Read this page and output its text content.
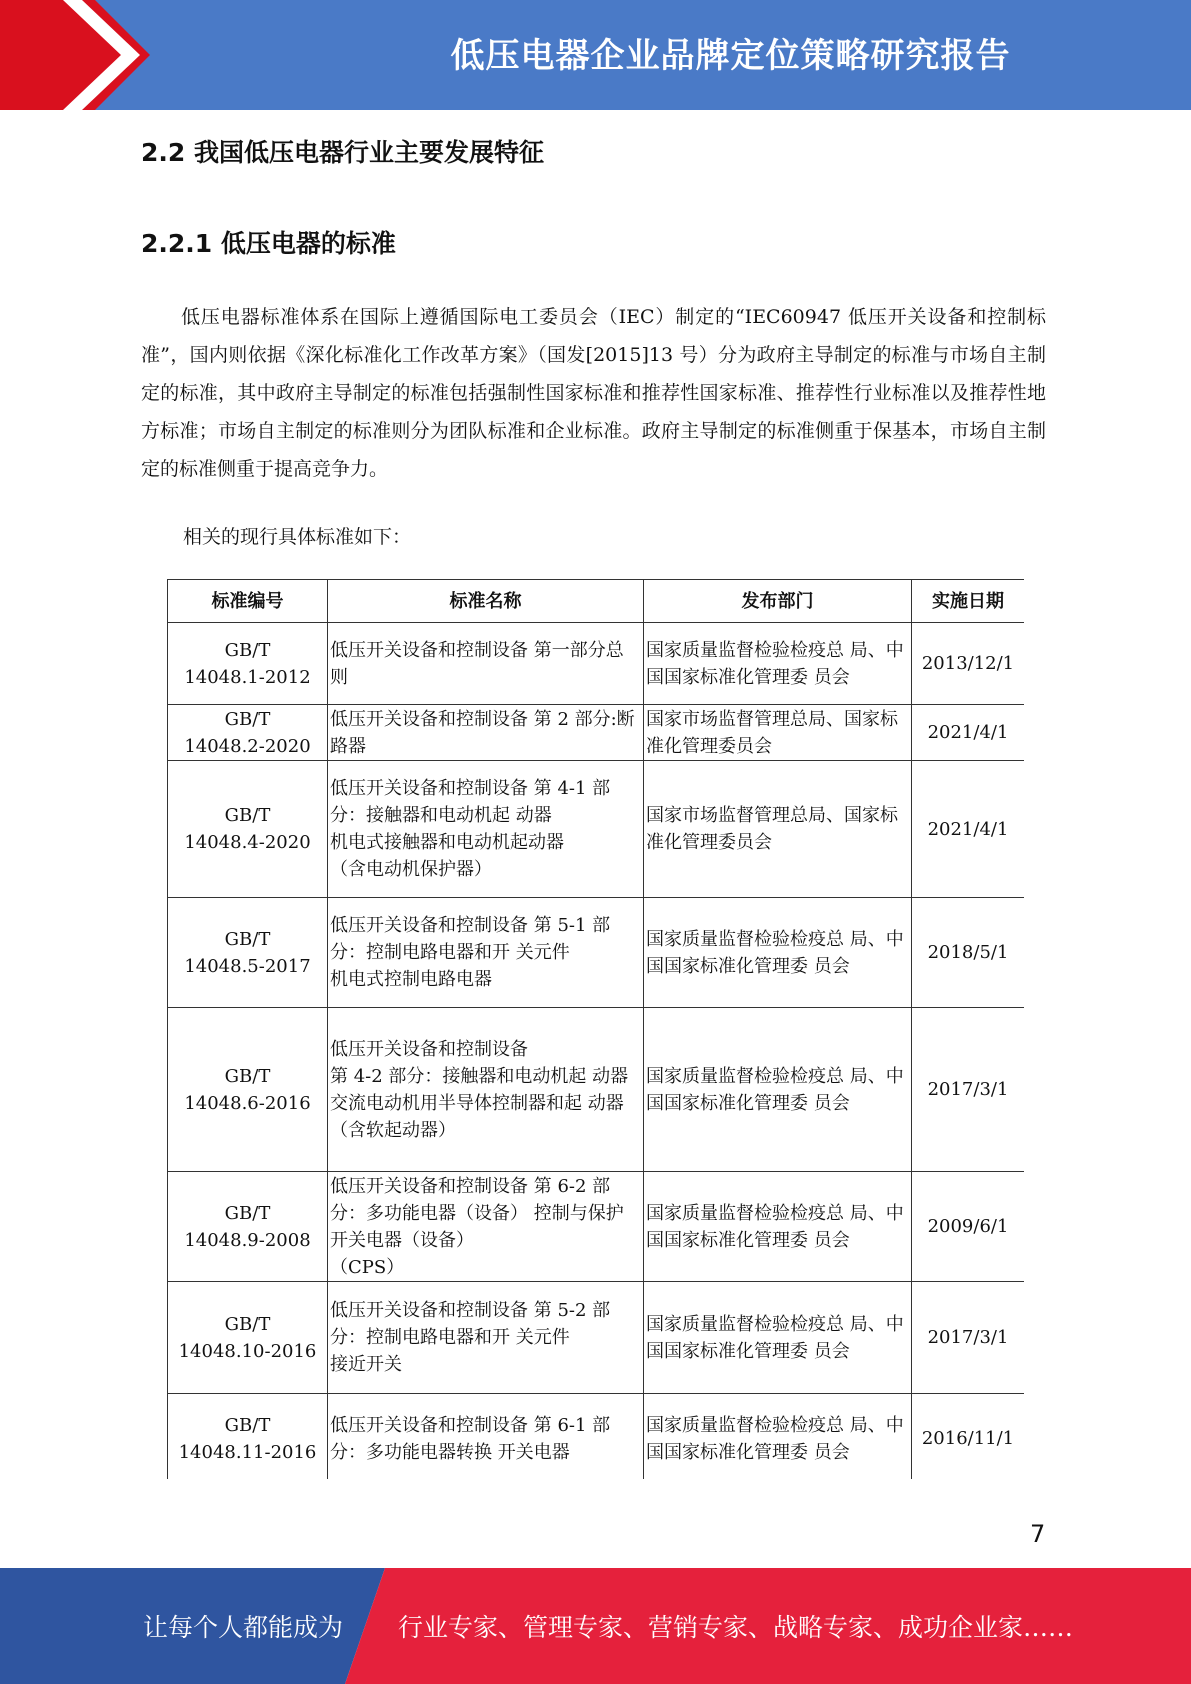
低压电器企业品牌定位策略研究报告
2.2 我国低压电器行业主要发展特征
2.2.1 低压电器的标准

低压电器标准体系在国际上遵循国际电工委员会（IEC）制定的“IEC60947 低压开关设备和控制标准”，国内则依据《深化标准化工作改革方案》（国发[2015]13 号）分为政府主导制定的标准与市场自主制定的标准，其中政府主导制定的标准包括强制性国家标准和推荐性国家标准、推荐性行业标准以及推荐性地方标准；市场自主制定的标准则分为团队标准和企业标准。政府主导制定的标准侧重于保基本，市场自主制定的标准侧重于提高竞争力。

相关的现行具体标准如下：
标准编号	标准名称	发布部门	实施日期

GB/T
14048.1-2012	低压开关设备和控制设备 第一部分总则	国家质量监督检验检疫总 局、中国国家标准化管理委 员会	2013/12/1

GB/T
14048.2-2020	低压开关设备和控制设备 第 2 部分:断路器	国家市场监督管理总局、国家标准化管理委员会	2021/4/1

GB/T
14048.4-2020	低压开关设备和控制设备 第 4-1 部分：接触器和电动机起 动器
机电式接触器和电动机起动器
（含电动机保护器）	国家市场监督管理总局、国家标准化管理委员会	2021/4/1

GB/T
14048.5-2017	低压开关设备和控制设备 第 5-1 部分：控制电路电器和开 关元件
机电式控制电路电器	国家质量监督检验检疫总 局、中国国家标准化管理委 员会	2018/5/1

GB/T
14048.6-2016	低压开关设备和控制设备
第 4-2 部分：接触器和电动机起 动器
交流电动机用半导体控制器和起 动器
（含软起动器）	国家质量监督检验检疫总 局、中国国家标准化管理委 员会	2017/3/1

GB/T
14048.9-2008	低压开关设备和控制设备 第 6-2 部分：多功能电器（设备） 控制与保护开关电器（设备）
（CPS）	国家质量监督检验检疫总 局、中国国家标准化管理委 员会	2009/6/1

GB/T
14048.10-2016	低压开关设备和控制设备 第 5-2 部分：控制电路电器和开 关元件
接近开关	国家质量监督检验检疫总 局、中国国家标准化管理委 员会	2017/3/1

GB/T
14048.11-2016	低压开关设备和控制设备 第 6-1 部分：多功能电器转换 开关电器	国家质量监督检验检疫总 局、中国国家标准化管理委 员会	2016/11/1
7
让每个人都能成为 行业专家、管理专家、营销专家、战略专家、成功企业家……
